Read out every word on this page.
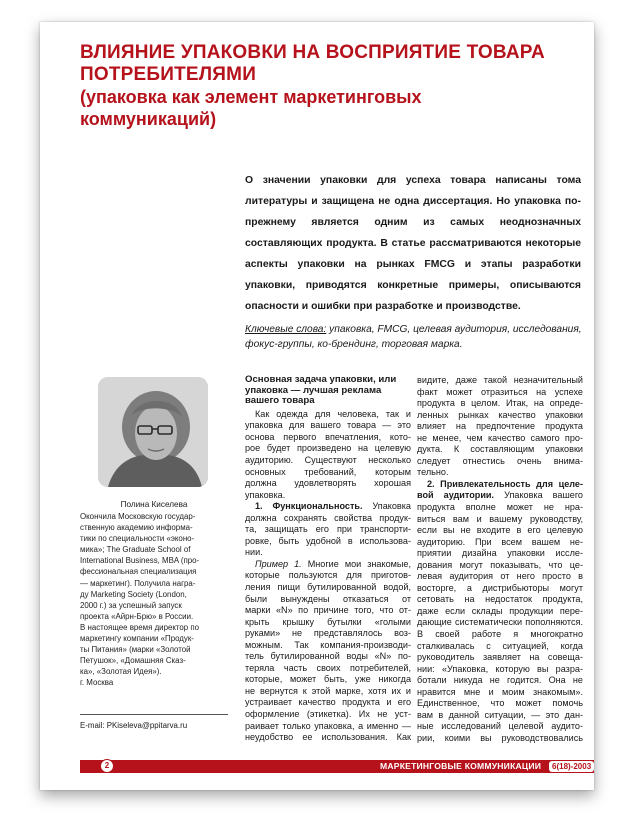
ВЛИЯНИЕ УПАКОВКИ НА ВОСПРИЯТИЕ ТОВАРА
ПОТРЕБИТЕЛЯМИ
(упаковка как элемент маркетинговых
коммуникаций)

О значении упаковки для успеха товара написаны тома литературы и защищена не одна диссертация. Но упаковка по-прежнему является одним из самых неоднозначных составляющих продукта. В статье рассматриваются некоторые аспекты упаковки на рынках FMCG и этапы разработки упаковки, приводятся конкретные примеры, описываются опасности и ошибки при разработке и производстве.

Ключевые слова: упаковка, FMCG, целевая аудитория, исследования, фокус-группы, ко-брендинг, торговая марка.

Полина Киселева

Окончила Московскую государ-
ственную академию информа-
тики по специальности «эконо-
мика»; The Graduate School of
International Business, MBA (про-
фессиональная специализация
— маркетинг). Получила награ-
ду Marketing Society (London,
2000 г.) за успешный запуск
проекта «Айрн-Брю» в России.
В настоящее время директор по
маркетингу компании «Продук-
ты Питания» (марки «Золотой
Петушок», «Домашняя Сказ-
ка», «Золотая Идея»).
г. Москва

E-mail: PKiseleva@ppitarva.ru

Основная задача упаковки, или упаковка — лучшая реклама вашего товара
Как одежда для человека, так и
упаковка для вашего товара — это
основа первого впечатления, кото-
рое будет произведено на целевую
аудиторию. Существуют несколько
основных требований, которым
должна удовлетворять хорошая
упаковка.
1. Функциональность. Упаковка
должна сохранять свойства продук-
та, защищать его при транспорти-
ровке, быть удобной в использова-
нии.
Пример 1. Многие мои знакомые,
которые пользуются для приготов-
ления пищи бутилированной водой,
были вынуждены отказаться от
марки «N» по причине того, что от-
крыть крышку бутылки «голыми
руками» не представлялось воз-
можным. Так компания-производи-
тель бутилированной воды «N» по-
теряла часть своих потребителей,
которые, может быть, уже никогда
не вернутся к этой марке, хотя их и
устраивает качество продукта и его
оформление (этикетка). Их не уст-
раивает только упаковка, а именно —
неудобство ее использования. Как
видите, даже такой незначительный
факт может отразиться на успехе
продукта в целом. Итак, на опреде-
ленных рынках качество упаковки
влияет на предпочтение продукта
не менее, чем качество самого про-
дукта. К составляющим упаковки
следует отнестись очень внима-
тельно.
2. Привлекательность для целе-
вой аудитории. Упаковка вашего
продукта вполне может не нра-
виться вам и вашему руководству,
если вы не входите в его целевую
аудиторию. При всем вашем не-
приятии дизайна упаковки иссле-
дования могут показывать, что це-
левая аудитория от него просто в
восторге, а дистрибьюторы могут
сетовать на недостаток продукта,
даже если склады продукции пере-
дающие систематически пополняются.
В своей работе я многократно
сталкивалась с ситуацией, когда
руководитель заявляет на совеща-
нии: «Упаковка, которую вы разра-
ботали никуда не годится. Она не
нравится мне и моим знакомым».
Единственное, что может помочь
вам в данной ситуации, — это дан-
ные исследований целевой аудито-
рии, коими вы руководствовались
2	МАРКЕТИНГОВЫЕ КОММУНИКАЦИИ	6(18)-2003
